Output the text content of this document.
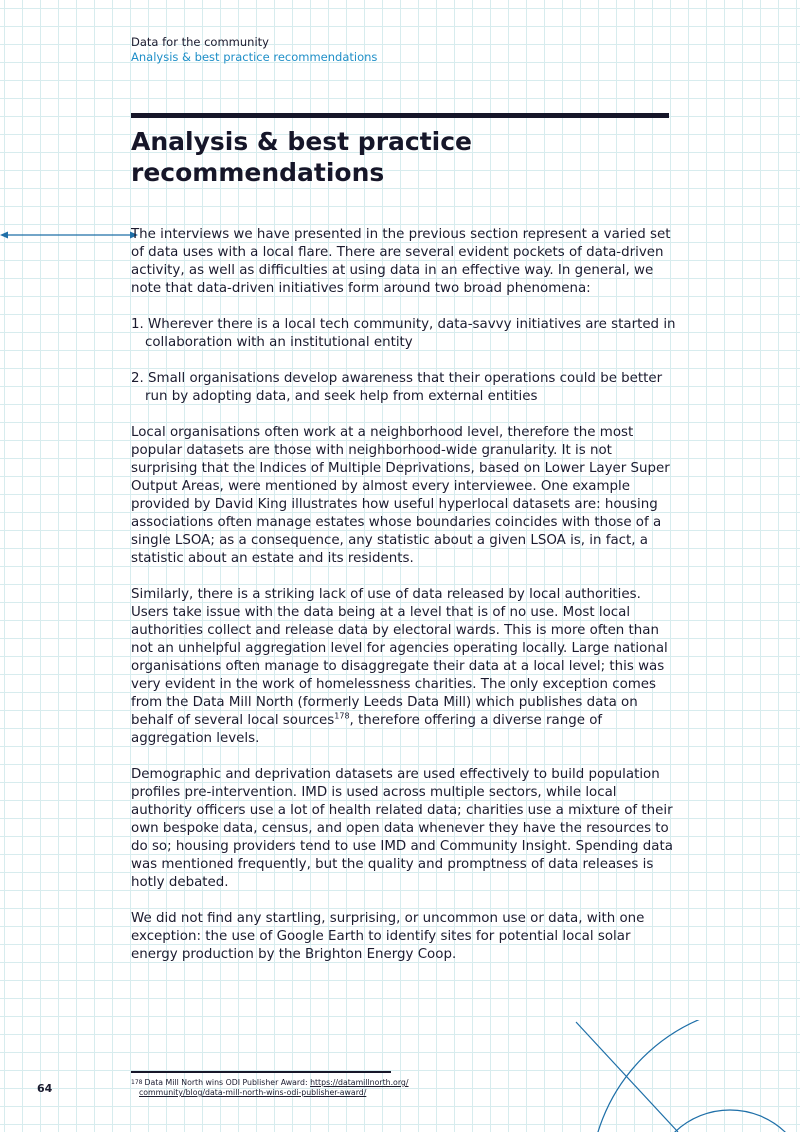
Data for the community
Analysis & best practice recommendations
Analysis & best practice recommendations

The interviews we have presented in the previous section represent a varied set of data uses with a local flare. There are several evident pockets of data-driven activity, as well as difficulties at using data in an effective way. In general, we note that data-driven initiatives form around two broad phenomena:

1. Wherever there is a local tech community, data-savvy initiatives are started in collaboration with an institutional entity
2. Small organisations develop awareness that their operations could be better run by adopting data, and seek help from external entities

Local organisations often work at a neighborhood level, therefore the most popular datasets are those with neighborhood-wide granularity. It is not surprising that the Indices of Multiple Deprivations, based on Lower Layer Super Output Areas, were mentioned by almost every interviewee. One example provided by David King illustrates how useful hyperlocal datasets are: housing associations often manage estates whose boundaries coincides with those of a single LSOA; as a consequence, any statistic about a given LSOA is, in fact, a statistic about an estate and its residents.

Similarly, there is a striking lack of use of data released by local authorities. Users take issue with the data being at a level that is of no use. Most local authorities collect and release data by electoral wards. This is more often than not an unhelpful aggregation level for agencies operating locally. Large national organisations often manage to disaggregate their data at a local level; this was very evident in the work of homelessness charities. The only exception comes from the Data Mill North (formerly Leeds Data Mill) which publishes data on behalf of several local sources$^{178}$, therefore offering a diverse range of aggregation levels.

Demographic and deprivation datasets are used effectively to build population profiles pre-intervention. IMD is used across multiple sectors, while local authority officers use a lot of health related data; charities use a mixture of their own bespoke data, census, and open data whenever they have the resources to do so; housing providers tend to use IMD and Community Insight. Spending data was mentioned frequently, but the quality and promptness of data releases is hotly debated.

We did not find any startling, surprising, or uncommon use or data, with one exception: the use of Google Earth to identify sites for potential local solar energy production by the Brighton Energy Coop.

$^{178}$ Data Mill North wins ODI Publisher Award: https://datamillnorth.org/
community/blog/data-mill-north-wins-odi-publisher-award/
64
